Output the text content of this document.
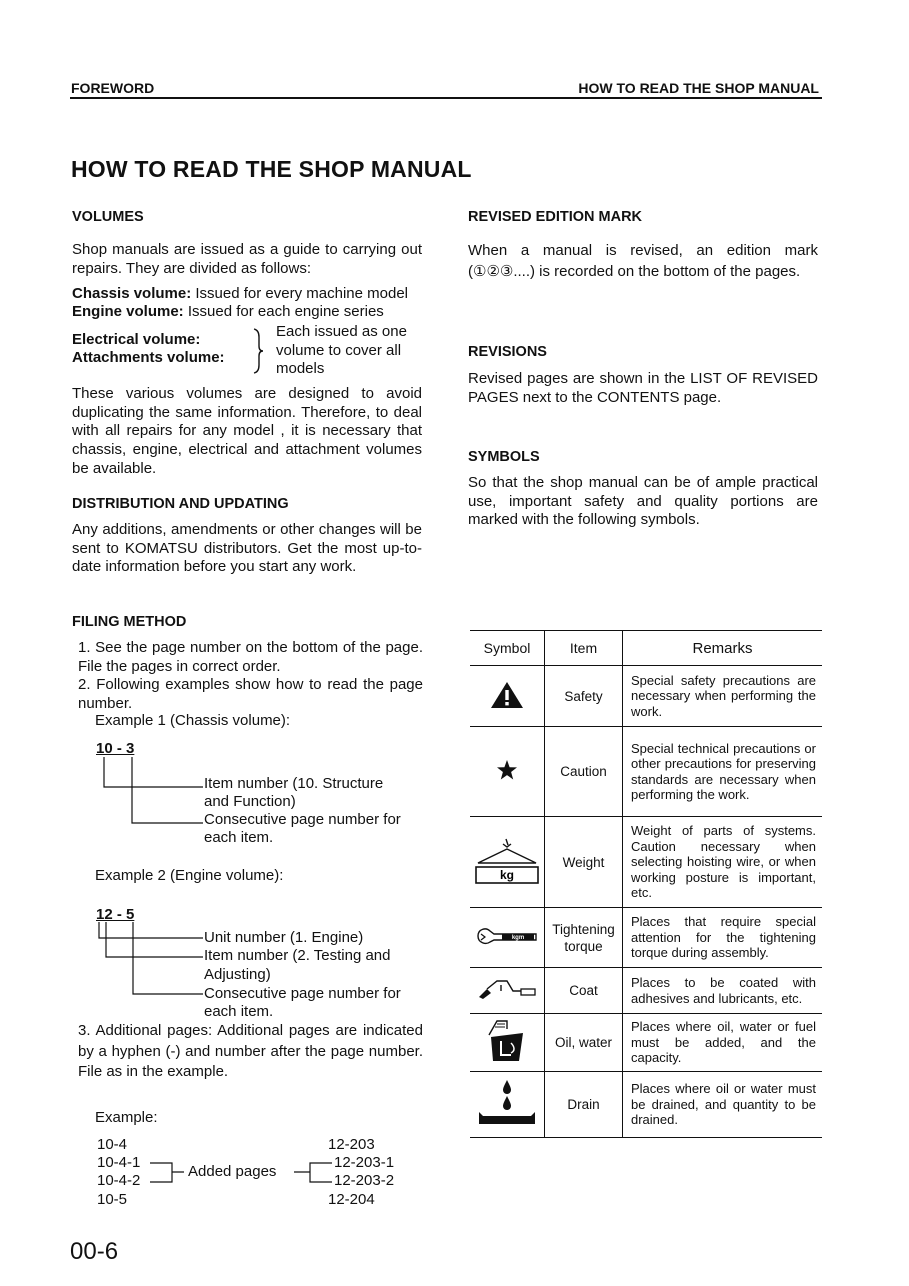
FOREWORD	HOW TO READ THE SHOP MANUAL
HOW TO READ THE SHOP MANUAL
VOLUMES
Shop manuals are issued as a guide to carrying out repairs. They are divided as follows:
Chassis volume: Issued for every machine model
Engine volume: Issued for each engine series
Electrical volume:
Attachments volume:
Each issued as one
volume to cover all
models
These various volumes are designed to avoid duplicating the same information. Therefore, to deal with all repairs for any model , it is necessary that chassis, engine, electrical and attachment volumes be available.
DISTRIBUTION AND UPDATING
Any additions, amendments or other changes will be sent to KOMATSU distributors. Get the most up-to-date information before you start any work.
FILING METHOD
1. See the page number on the bottom of the page. File the pages in correct order.
2. Following examples show how to read the page number.
Example 1 (Chassis volume):
10 - 3
Item number (10. Structure
and Function)
Consecutive page number for
each item.
Example 2 (Engine volume):
12 - 5
Unit number (1. Engine)
Item number (2. Testing and
Adjusting)
Consecutive page number for
each item.
3. Additional pages: Additional pages are indicated by a hyphen (-) and number after the page number. File as in the example.
Example:
10-4
10-4-1
10-4-2
10-5
Added pages
12-203
12-203-1
12-203-2
12-204
00-6
REVISED EDITION MARK
When a manual is revised, an edition mark (①②③....) is recorded on the bottom of the pages.
REVISIONS
Revised pages are shown in the LIST OF REVISED PAGES next to the CONTENTS page.
SYMBOLS
So that the shop manual can be of ample practical use, important safety and quality portions are marked with the following symbols.
Symbol	Item	Remarks
	Safety	Special safety precautions are necessary when performing the work.
	Caution	Special technical precautions or other precautions for preserving standards are necessary when performing the work.

kg	Weight	Weight of parts of systems. Caution necessary when selecting hoisting wire, or when working posture is important, etc.

kgm	Tightening torque	Places that require special attention for the tightening torque during assembly.
	Coat	Places to be coated with adhesives and lubricants, etc.
	Oil, water	Places where oil, water or fuel must be added, and the capacity.
	Drain	Places where oil or water must be drained, and quantity to be drained.
